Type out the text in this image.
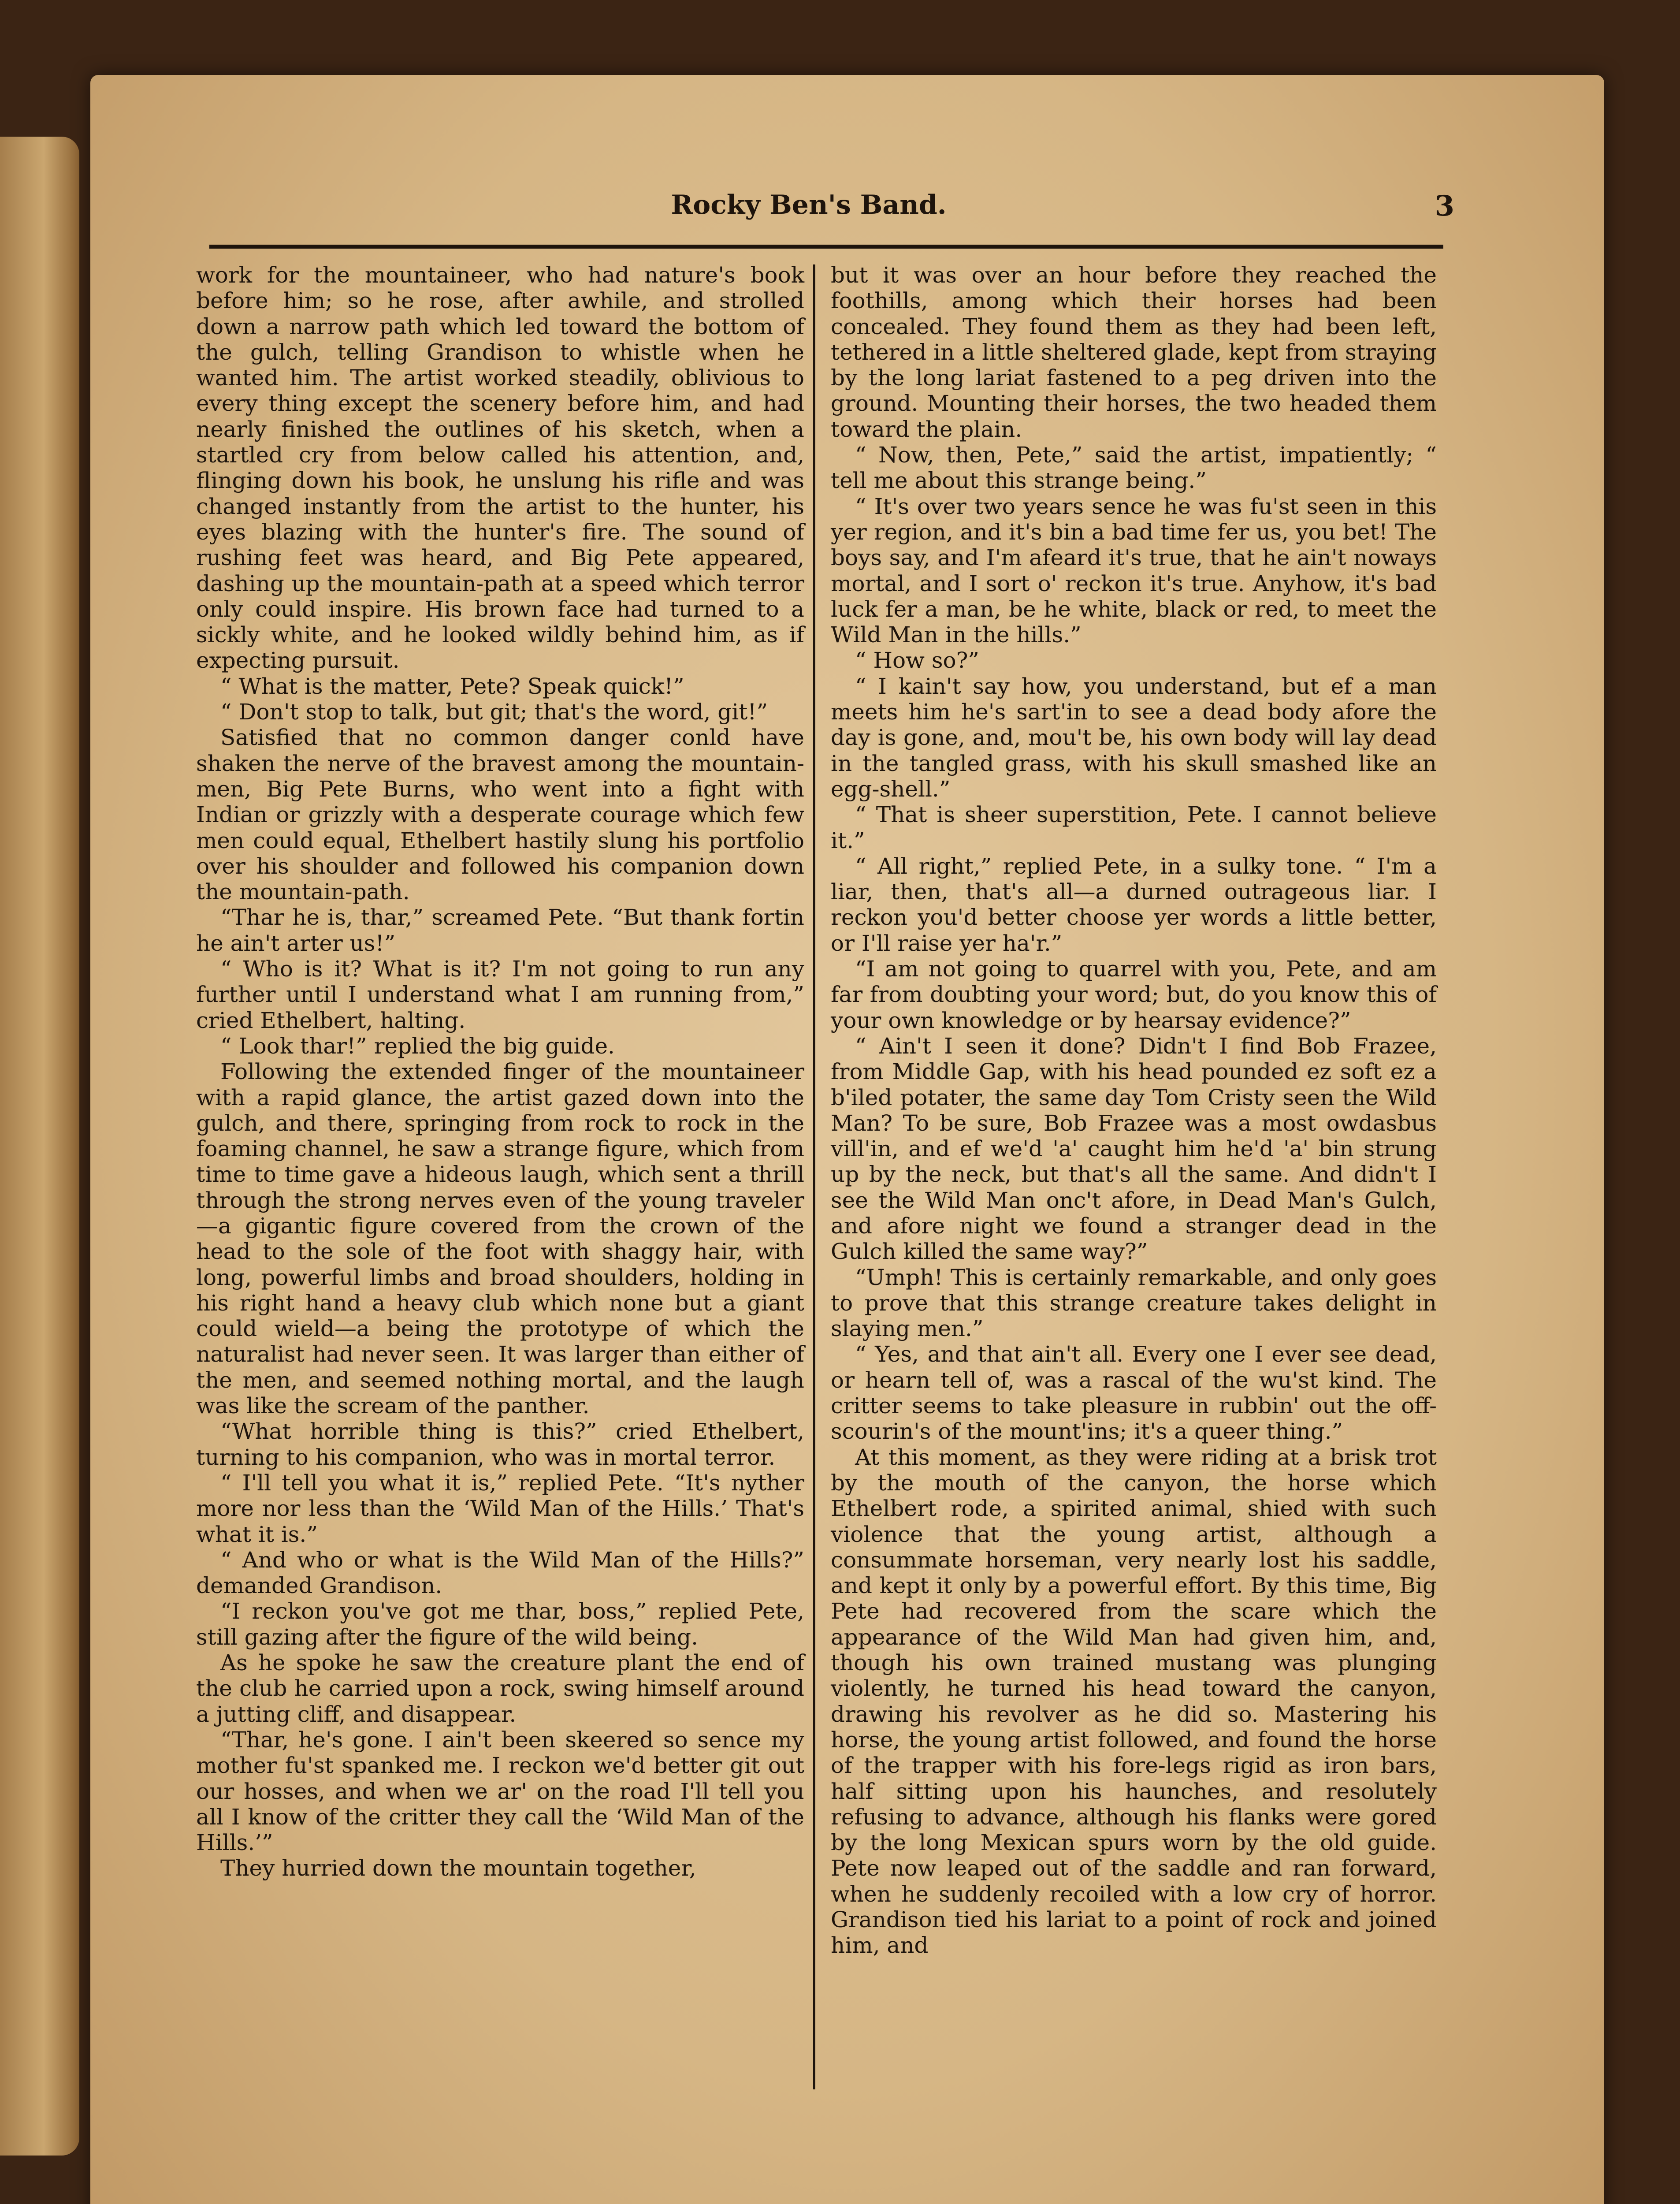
Rocky Ben's Band.	3

work for the mountaineer, who had nature's book before him; so he rose, after awhile, and strolled down a narrow path which led toward the bottom of the gulch, telling Grandison to whistle when he wanted him. The artist worked steadily, oblivious to every thing except the scenery before him, and had nearly finished the outlines of his sketch, when a startled cry from below called his attention, and, flinging down his book, he unslung his rifle and was changed instantly from the artist to the hunter, his eyes blazing with the hunter's fire. The sound of rushing feet was heard, and Big Pete appeared, dashing up the mountain-path at a speed which terror only could inspire. His brown face had turned to a sickly white, and he looked wildly behind him, as if expecting pursuit.

“ What is the matter, Pete? Speak quick!”

“ Don't stop to talk, but git; that's the word, git!”

Satisfied that no common danger conld have shaken the nerve of the bravest among the mountain-men, Big Pete Burns, who went into a fight with Indian or grizzly with a desperate courage which few men could equal, Ethelbert hastily slung his portfolio over his shoulder and followed his companion down the mountain-path.

“Thar he is, thar,” screamed Pete. “But thank fortin he ain't arter us!”

“ Who is it? What is it? I'm not going to run any further until I understand what I am running from,” cried Ethelbert, halting.

“ Look thar!” replied the big guide.

Following the extended finger of the mountaineer with a rapid glance, the artist gazed down into the gulch, and there, springing from rock to rock in the foaming channel, he saw a strange figure, which from time to time gave a hideous laugh, which sent a thrill through the strong nerves even of the young traveler—a gigantic figure covered from the crown of the head to the sole of the foot with shaggy hair, with long, powerful limbs and broad shoulders, holding in his right hand a heavy club which none but a giant could wield—a being the prototype of which the naturalist had never seen. It was larger than either of the men, and seemed nothing mortal, and the laugh was like the scream of the panther.

“What horrible thing is this?” cried Ethelbert, turning to his companion, who was in mortal terror.

“ I'll tell you what it is,” replied Pete. “It's nyther more nor less than the ‘Wild Man of the Hills.’ That's what it is.”

“ And who or what is the Wild Man of the Hills?” demanded Grandison.

“I reckon you've got me thar, boss,” replied Pete, still gazing after the figure of the wild being.

As he spoke he saw the creature plant the end of the club he carried upon a rock, swing himself around a jutting cliff, and disappear.

“Thar, he's gone. I ain't been skeered so sence my mother fu'st spanked me. I reckon we'd better git out our hosses, and when we ar' on the road I'll tell you all I know of the critter they call the ‘Wild Man of the Hills.’”

They hurried down the mountain together,

but it was over an hour before they reached the foothills, among which their horses had been concealed. They found them as they had been left, tethered in a little sheltered glade, kept from straying by the long lariat fastened to a peg driven into the ground. Mounting their horses, the two headed them toward the plain.

“ Now, then, Pete,” said the artist, impatiently; “ tell me about this strange being.”

“ It's over two years sence he was fu'st seen in this yer region, and it's bin a bad time fer us, you bet! The boys say, and I'm afeard it's true, that he ain't noways mortal, and I sort o' reckon it's true. Anyhow, it's bad luck fer a man, be he white, black or red, to meet the Wild Man in the hills.”

“ How so?”

“ I kain't say how, you understand, but ef a man meets him he's sart'in to see a dead body afore the day is gone, and, mou't be, his own body will lay dead in the tangled grass, with his skull smashed like an egg-shell.”

“ That is sheer superstition, Pete. I cannot believe it.”

“ All right,” replied Pete, in a sulky tone. “ I'm a liar, then, that's all—a durned outrageous liar. I reckon you'd better choose yer words a little better, or I'll raise yer ha'r.”

“I am not going to quarrel with you, Pete, and am far from doubting your word; but, do you know this of your own knowledge or by hearsay evidence?”

“ Ain't I seen it done? Didn't I find Bob Frazee, from Middle Gap, with his head pounded ez soft ez a b'iled potater, the same day Tom Cristy seen the Wild Man? To be sure, Bob Frazee was a most owdasbus vill'in, and ef we'd 'a' caught him he'd 'a' bin strung up by the neck, but that's all the same. And didn't I see the Wild Man onc't afore, in Dead Man's Gulch, and afore night we found a stranger dead in the Gulch killed the same way?”

“Umph! This is certainly remarkable, and only goes to prove that this strange creature takes delight in slaying men.”

“ Yes, and that ain't all. Every one I ever see dead, or hearn tell of, was a rascal of the wu'st kind. The critter seems to take pleasure in rubbin' out the off-scourin's of the mount'ins; it's a queer thing.”

At this moment, as they were riding at a brisk trot by the mouth of the canyon, the horse which Ethelbert rode, a spirited animal, shied with such violence that the young artist, although a consummate horseman, very nearly lost his saddle, and kept it only by a powerful effort. By this time, Big Pete had recovered from the scare which the appearance of the Wild Man had given him, and, though his own trained mustang was plunging violently, he turned his head toward the canyon, drawing his revolver as he did so. Mastering his horse, the young artist followed, and found the horse of the trapper with his fore-legs rigid as iron bars, half sitting upon his haunches, and resolutely refusing to advance, although his flanks were gored by the long Mexican spurs worn by the old guide. Pete now leaped out of the saddle and ran forward, when he suddenly recoiled with a low cry of horror. Grandison tied his lariat to a point of rock and joined him, and
